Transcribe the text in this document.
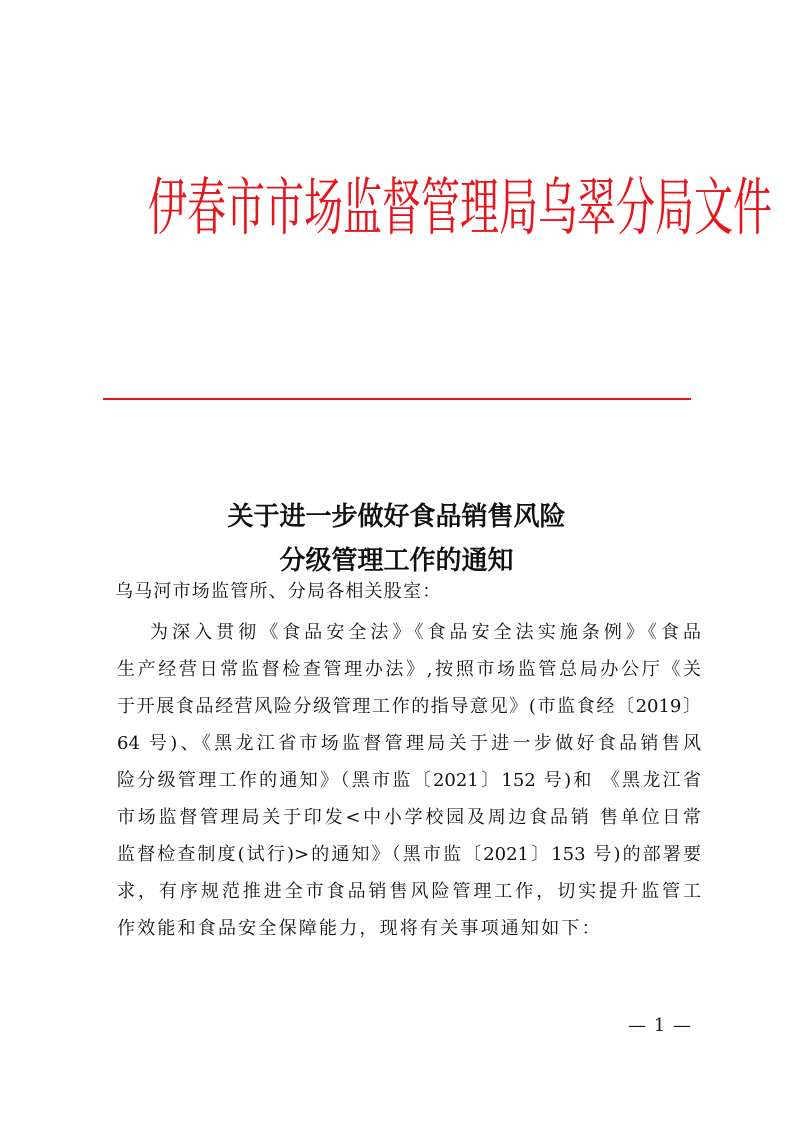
伊春市市场监督管理局乌翠分局文件
关于进一步做好食品销售风险
分级管理工作的通知
乌马河市场监管所、分局各相关股室：
为深入贯彻《食品安全法》《食品安全法实施条例》《食品
生产经营日常监督检查管理办法》,按照市场监管总局办公厅《关
于开展食品经营风险分级管理工作的指导意见》(市监食经〔2019〕
64 号)、《黑龙江省市场监督管理局关于进一步做好食品销售风
险分级管理工作的通知》（黑市监〔2021〕152 号)和 《黑龙江省
市场监督管理局关于印发<中小学校园及周边食品销 售单位日常
监督检查制度(试行)>的通知》（黑市监〔2021〕153 号)的部署要
求，有序规范推进全市食品销售风险管理工作，切实提升监管工
作效能和食品安全保障能力，现将有关事项通知如下：
— 1 —
